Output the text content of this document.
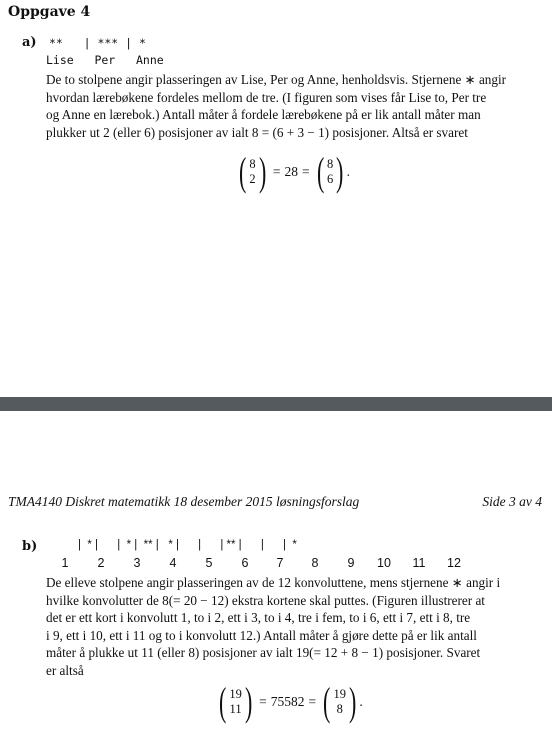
Oppgave 4
a) **   | *** | *
Lise   Per   Anne
De to stolpene angir plasseringen av Lise, Per og Anne, henholdsvis. Stjernene ∗ angir
hvordan lærebøkene fordeles mellom de tre. (I figuren som vises får Lise to, Per tre
og Anne en lærebok.) Antall måter å fordele lærebøkene på er lik antall måter man
plukker ut 2 (eller 6) posisjoner av ialt 8 = (6 + 3 − 1) posisjoner. Altså er svaret
( 8
2 ) = 28 = ( 8
6 ) .
TMA4140 Diskret matematikk 18 desember 2015 løsningsforslag	Side 3 av 4
b)	|  * |      |  * |  ** |   * |      |      | ** |      |      |  *
1	2	3	4	5	6	7	8	9	10	11	12
De elleve stolpene angir plasseringen av de 12 konvoluttene, mens stjernene ∗ angir i
hvilke konvolutter de 8(= 20 − 12) ekstra kortene skal puttes. (Figuren illustrerer at
det er ett kort i konvolutt 1, to i 2, ett i 3, to i 4, tre i fem, to i 6, ett i 7, ett i 8, tre
i 9, ett i 10, ett i 11 og to i konvolutt 12.) Antall måter å gjøre dette på er lik antall
måter å plukke ut 11 (eller 8) posisjoner av ialt 19(= 12 + 8 − 1) posisjoner. Svaret
er altså
( 19
11 ) = 75582 = ( 19
8 ) .
